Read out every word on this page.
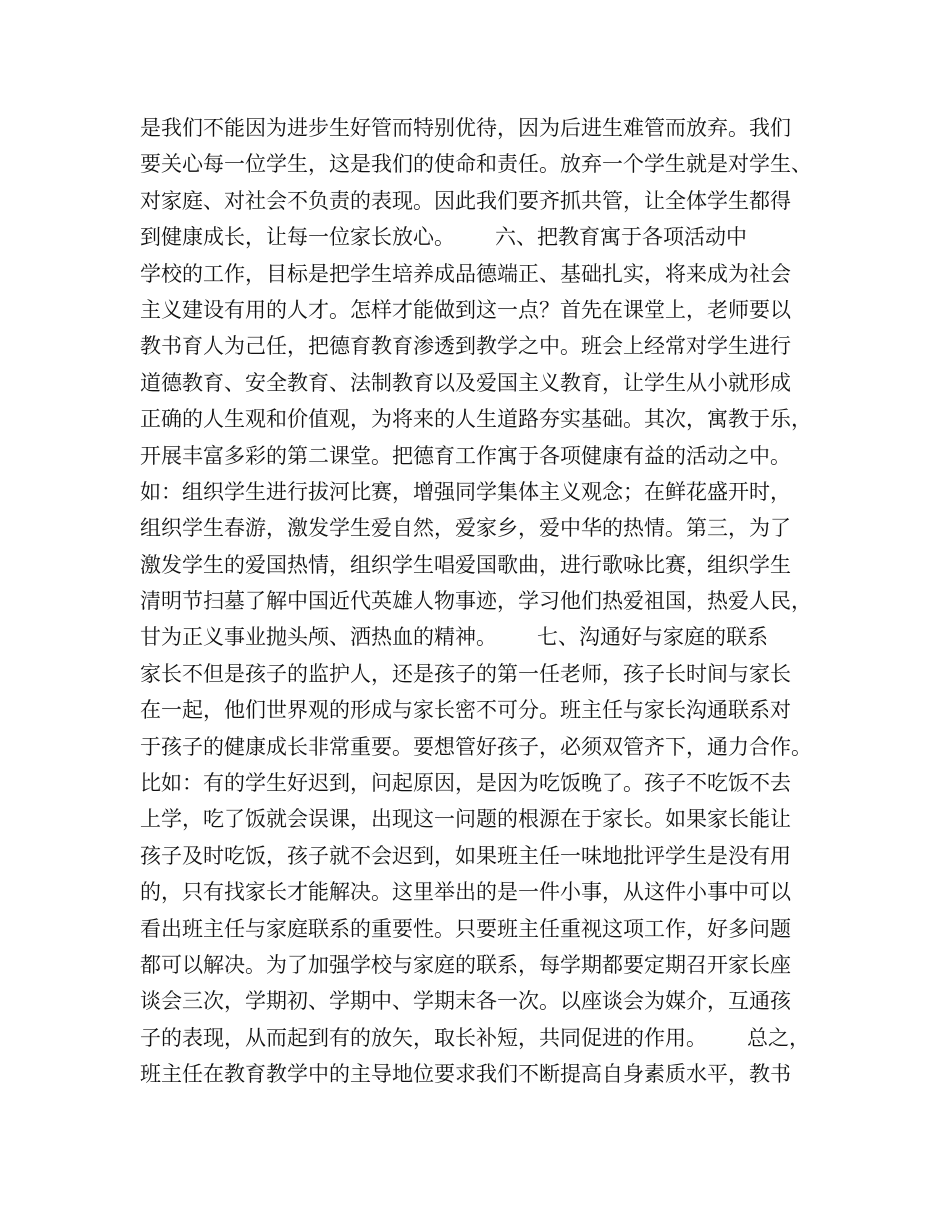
是我们不能因为进步生好管而特别优待，因为后进生难管而放弃。我们
要关心每一位学生，这是我们的使命和责任。放弃一个学生就是对学生、
对家庭、对社会不负责的表现。因此我们要齐抓共管，让全体学生都得
到健康成长，让每一位家长放心。      六、把教育寓于各项活动中
学校的工作，目标是把学生培养成品德端正、基础扎实，将来成为社会
主义建设有用的人才。怎样才能做到这一点？首先在课堂上，老师要以
教书育人为己任，把德育教育渗透到教学之中。班会上经常对学生进行
道德教育、安全教育、法制教育以及爱国主义教育，让学生从小就形成
正确的人生观和价值观，为将来的人生道路夯实基础。其次，寓教于乐，
开展丰富多彩的第二课堂。把德育工作寓于各项健康有益的活动之中。
如：组织学生进行拔河比赛，增强同学集体主义观念；在鲜花盛开时，
组织学生春游，激发学生爱自然，爱家乡，爱中华的热情。第三，为了
激发学生的爱国热情，组织学生唱爱国歌曲，进行歌咏比赛，组织学生
清明节扫墓了解中国近代英雄人物事迹，学习他们热爱祖国，热爱人民，
甘为正义事业抛头颅、洒热血的精神。      七、沟通好与家庭的联系
家长不但是孩子的监护人，还是孩子的第一任老师，孩子长时间与家长
在一起，他们世界观的形成与家长密不可分。班主任与家长沟通联系对
于孩子的健康成长非常重要。要想管好孩子，必须双管齐下，通力合作。
比如：有的学生好迟到，问起原因，是因为吃饭晚了。孩子不吃饭不去
上学，吃了饭就会误课，出现这一问题的根源在于家长。如果家长能让
孩子及时吃饭，孩子就不会迟到，如果班主任一味地批评学生是没有用
的，只有找家长才能解决。这里举出的是一件小事，从这件小事中可以
看出班主任与家庭联系的重要性。只要班主任重视这项工作，好多问题
都可以解决。为了加强学校与家庭的联系，每学期都要定期召开家长座
谈会三次，学期初、学期中、学期末各一次。以座谈会为媒介，互通孩
子的表现，从而起到有的放矢，取长补短，共同促进的作用。      总之，
班主任在教育教学中的主导地位要求我们不断提高自身素质水平，教书
